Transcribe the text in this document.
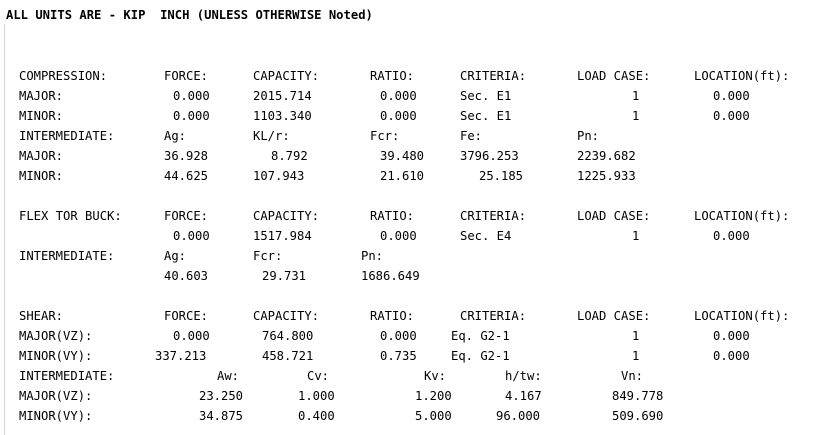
ALL UNITS ARE - KIP  INCH (UNLESS OTHERWISE Noted)
COMPRESSION:	FORCE:	CAPACITY:	RATIO:	CRITERIA:	LOAD CASE:	LOCATION(ft):
MAJOR:	0.000	2015.714	0.000	Sec. E1	1	0.000
MINOR:	0.000	1103.340	0.000	Sec. E1	1	0.000
INTERMEDIATE:	Ag:	KL/r:	Fcr:	Fe:	Pn:
MAJOR:	36.928	8.792	39.480	3796.253	2239.682
MINOR:	44.625	107.943	21.610	25.185	1225.933
FLEX TOR BUCK:	FORCE:	CAPACITY:	RATIO:	CRITERIA:	LOAD CASE:	LOCATION(ft):
0.000	1517.984	0.000	Sec. E4	1	0.000
INTERMEDIATE:	Ag:	Fcr:	Pn:
40.603	29.731	1686.649
SHEAR:	FORCE:	CAPACITY:	RATIO:	CRITERIA:	LOAD CASE:	LOCATION(ft):
MAJOR(VZ):	0.000	764.800	0.000	Eq. G2-1	1	0.000
MINOR(VY):	337.213	458.721	0.735	Eq. G2-1	1	0.000
INTERMEDIATE:	Aw:	Cv:	Kv:	h/tw:	Vn:
MAJOR(VZ):	23.250	1.000	1.200	4.167	849.778
MINOR(VY):	34.875	0.400	5.000	96.000	509.690
